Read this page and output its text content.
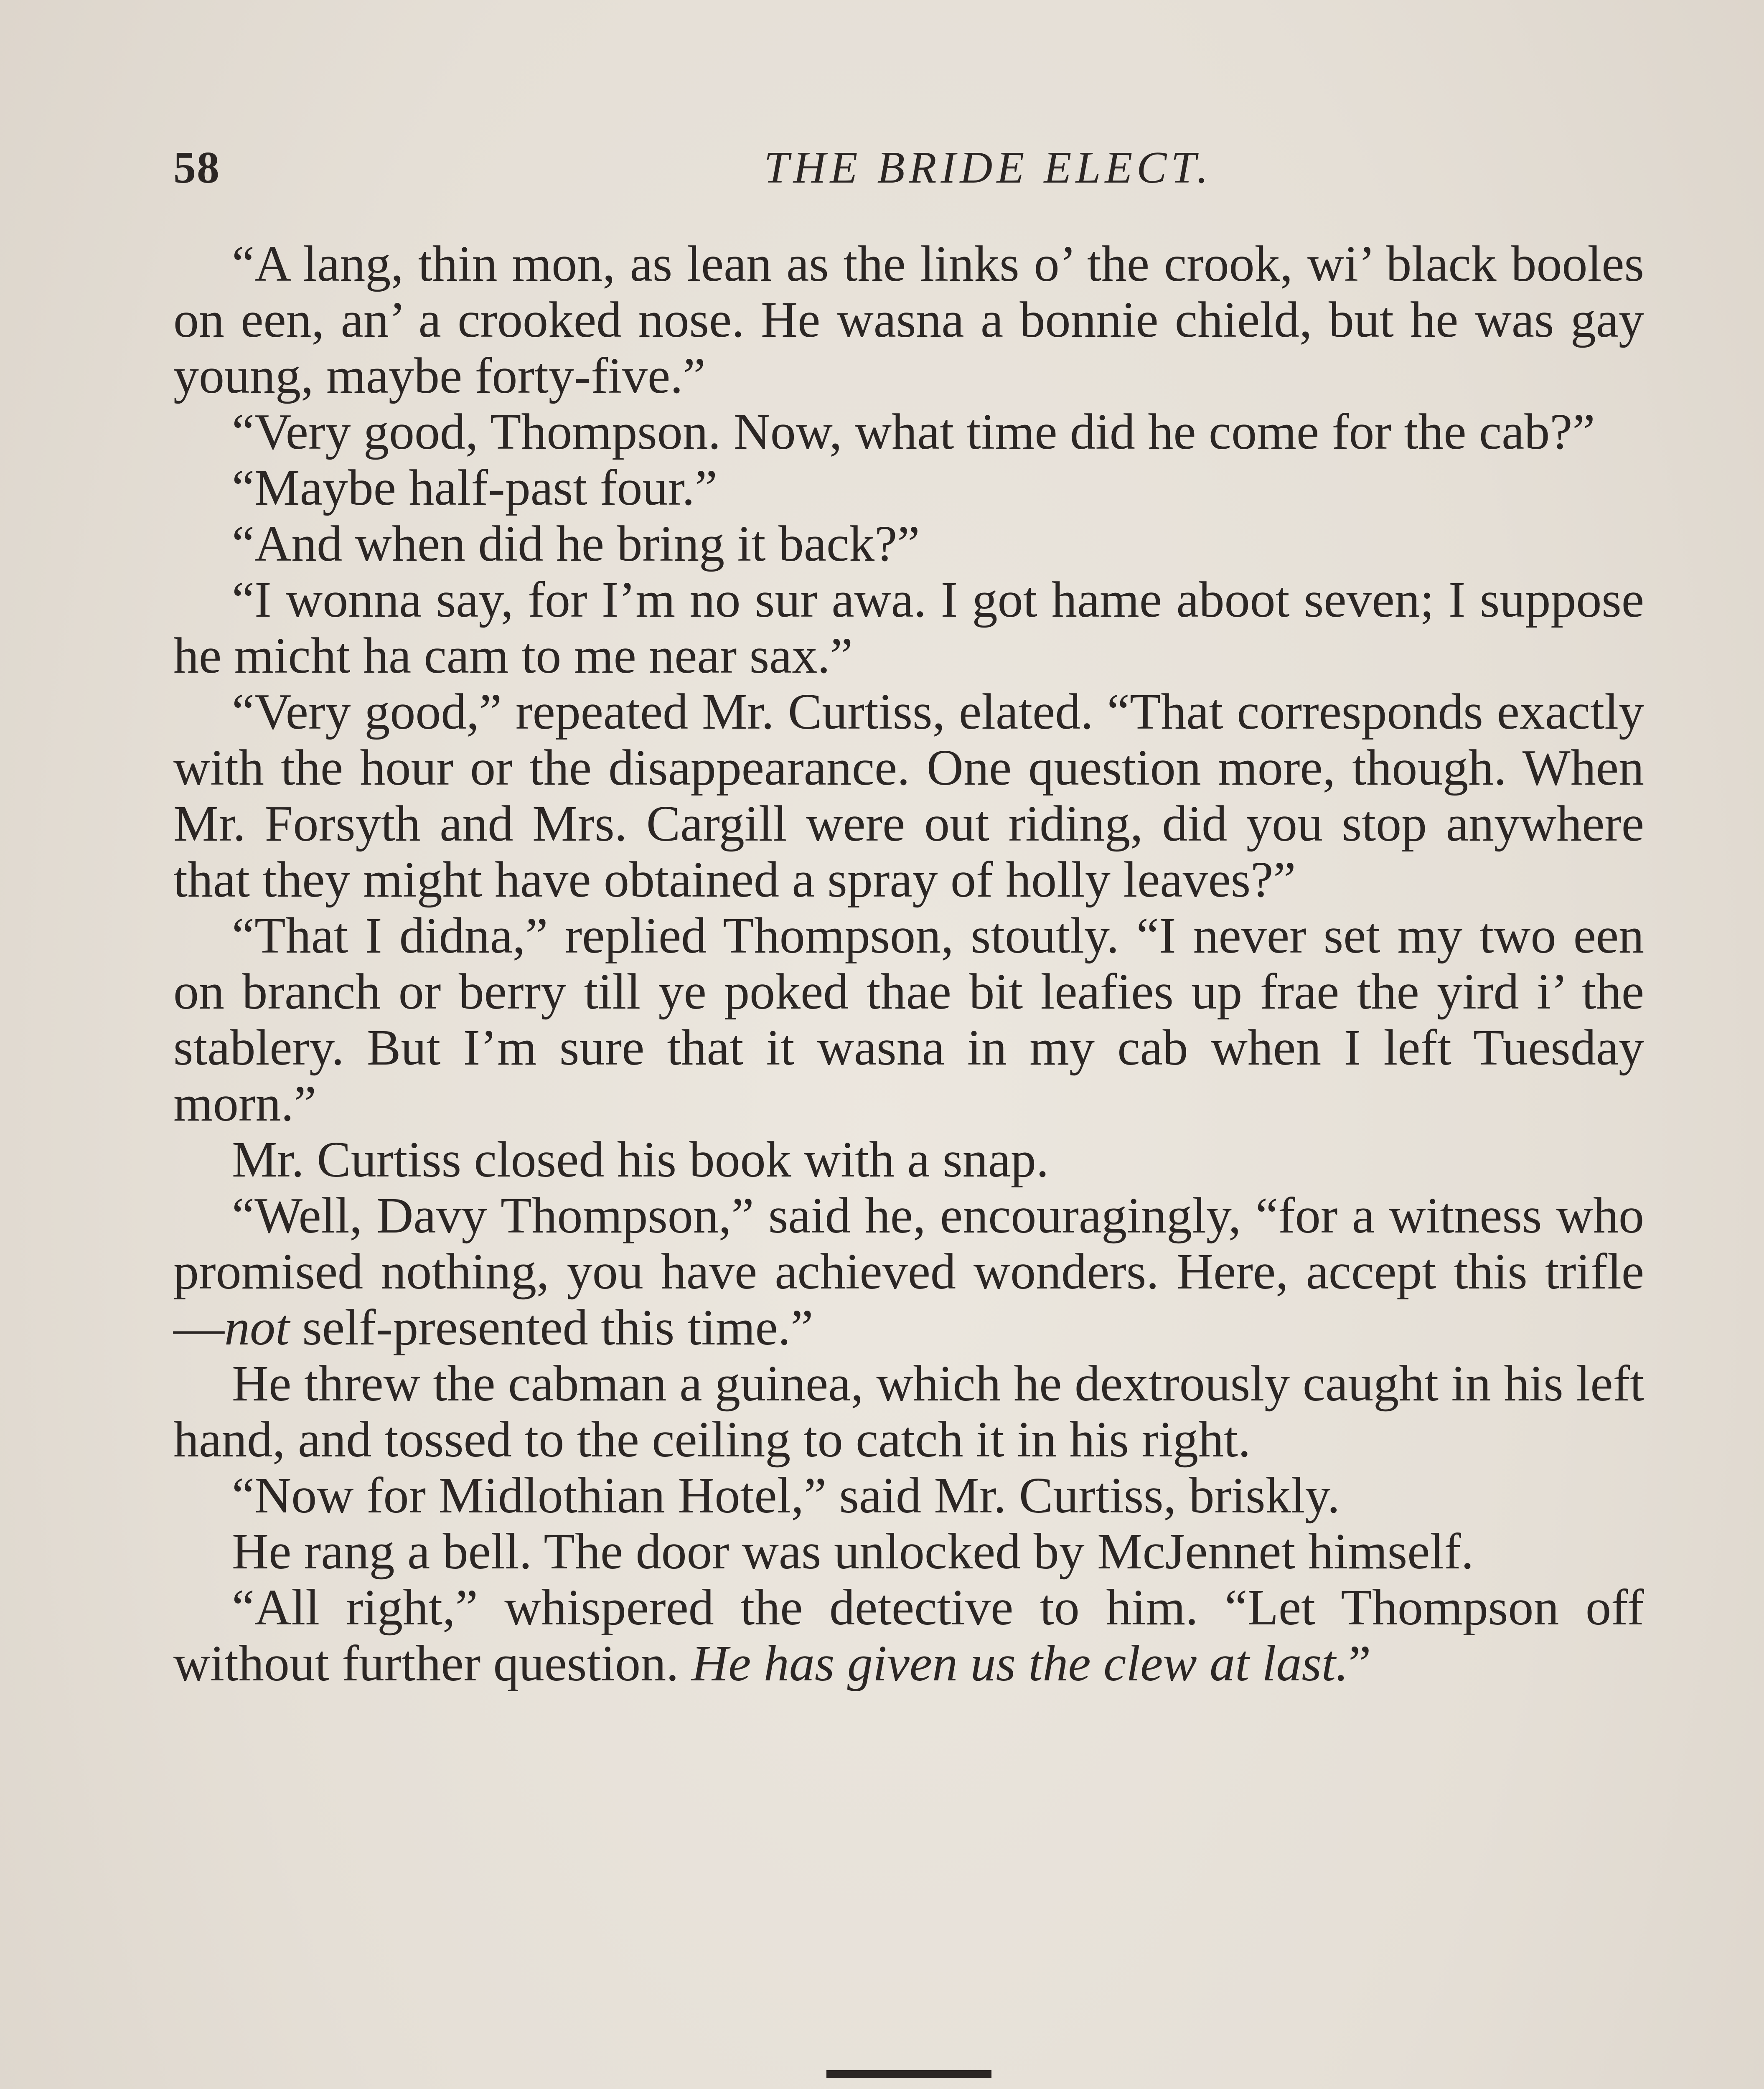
58	THE BRIDE ELECT.

“A lang, thin mon, as lean as the links o’ the crook, wi’ black booles on een, an’ a crooked nose. He wasna a bonnie chield, but he was gay young, maybe forty-five.”

“Very good, Thompson. Now, what time did he come for the cab?”

“Maybe half-past four.”

“And when did he bring it back?”

“I wonna say, for I’m no sur awa. I got hame aboot seven; I suppose he micht ha cam to me near sax.”

“Very good,” repeated Mr. Curtiss, elated. “That corresponds exactly with the hour or the disappearance. One question more, though. When Mr. Forsyth and Mrs. Cargill were out riding, did you stop anywhere that they might have obtained a spray of holly leaves?”

“That I didna,” replied Thompson, stoutly. “I never set my two een on branch or berry till ye poked thae bit leafies up frae the yird i’ the stablery. But I’m sure that it wasna in my cab when I left Tuesday morn.”

Mr. Curtiss closed his book with a snap.

“Well, Davy Thompson,” said he, encouragingly, “for a witness who promised nothing, you have achieved wonders. Here, accept this trifle—not self-presented this time.”

He threw the cabman a guinea, which he dextrously caught in his left hand, and tossed to the ceiling to catch it in his right.

“Now for Midlothian Hotel,” said Mr. Curtiss, briskly.

He rang a bell. The door was unlocked by McJennet himself.

“All right,” whispered the detective to him. “Let Thompson off without further question. He has given us the clew at last.”
